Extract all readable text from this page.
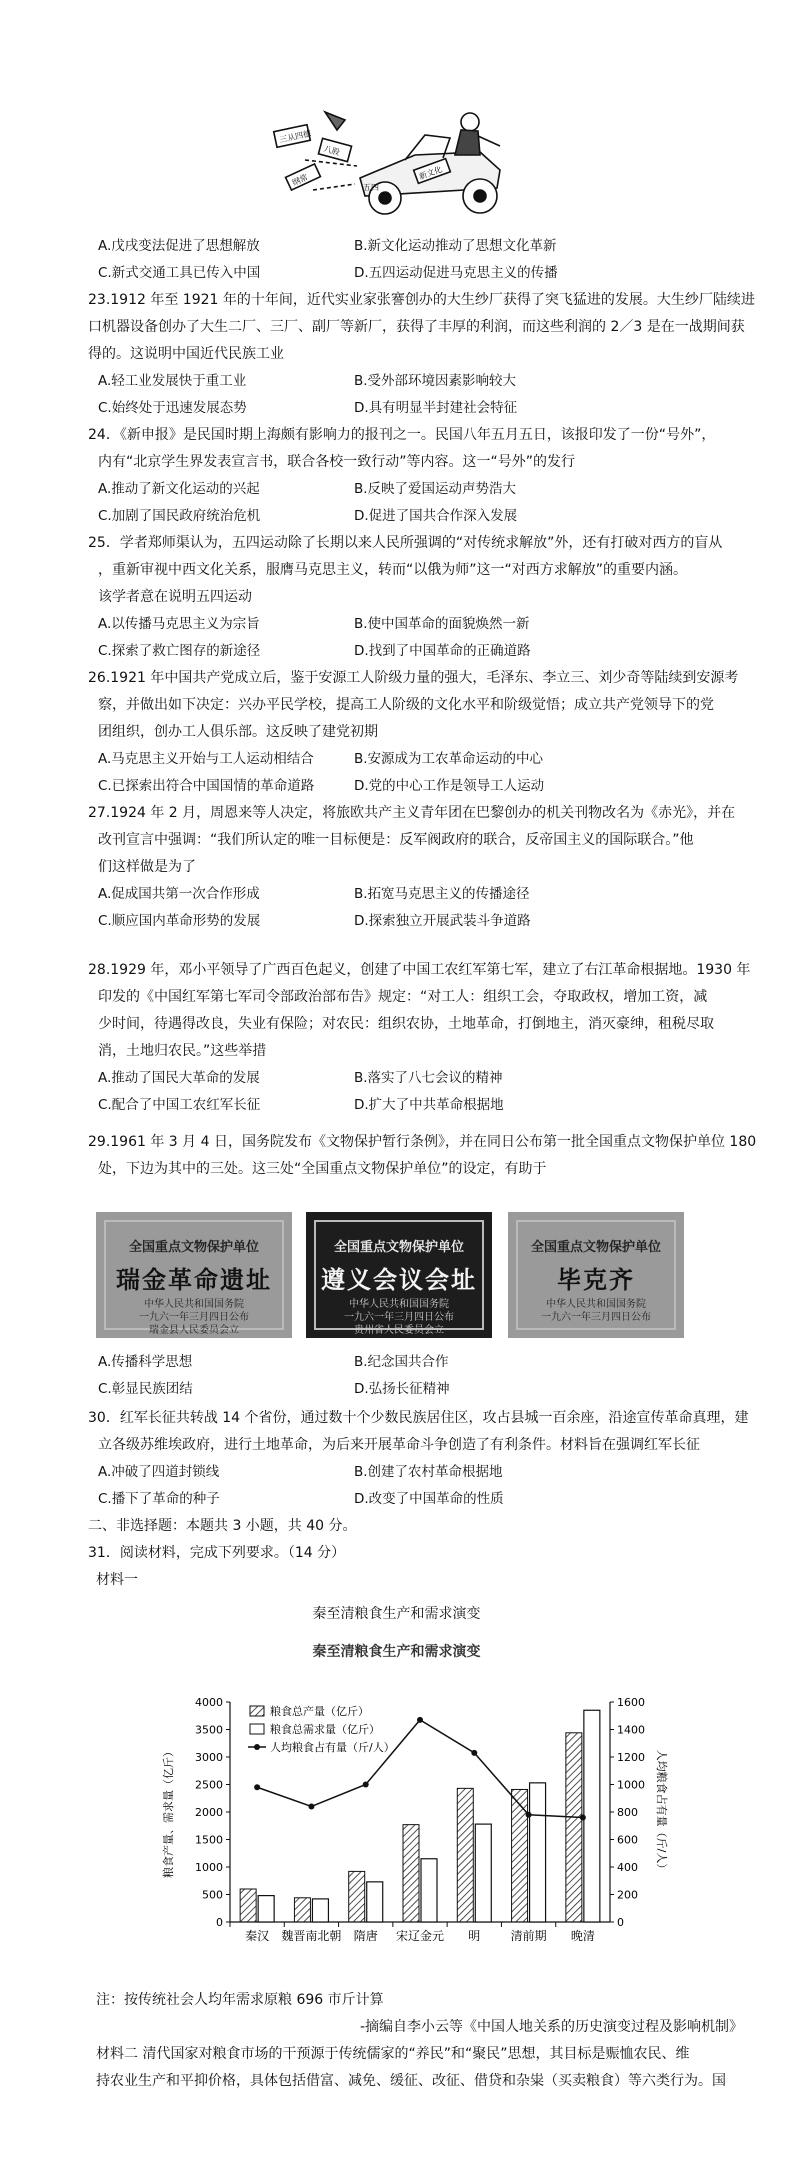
三从四德
八股
纲常	新文化
五四
A.戊戌变法促进了思想解放	B.新文化运动推动了思想文化革新
C.新式交通工具已传入中国	D.五四运动促进马克思主义的传播
23.1912 年至 1921 年的十年间，近代实业家张謇创办的大生纱厂获得了突飞猛进的发展。大生纱厂陆续进
口机器设备创办了大生二厂、三厂、副厂等新厂，获得了丰厚的利润，而这些利润的 2／3 是在一战期间获
得的。这说明中国近代民族工业
A.轻工业发展快于重工业	B.受外部环境因素影响较大
C.始终处于迅速发展态势	D.具有明显半封建社会特征
24．《新申报》是民国时期上海颇有影响力的报刊之一。民国八年五月五日，该报印发了一份“号外”，
内有“北京学生界发表宣言书，联合各校一致行动”等内容。这一“号外”的发行
A.推动了新文化运动的兴起	B.反映了爱国运动声势浩大
C.加剧了国民政府统治危机	D.促进了国共合作深入发展
25．学者郑师渠认为，五四运动除了长期以来人民所强调的“对传统求解放”外，还有打破对西方的盲从
，重新审视中西文化关系，服膺马克思主义，转而“以俄为师”这一“对西方求解放”的重要内涵。
该学者意在说明五四运动
A.以传播马克思主义为宗旨	B.使中国革命的面貌焕然一新
C.探索了救亡图存的新途径	D.找到了中国革命的正确道路
26.1921 年中国共产党成立后，鉴于安源工人阶级力量的强大，毛泽东、李立三、刘少奇等陆续到安源考
察，并做出如下决定：兴办平民学校，提高工人阶级的文化水平和阶级觉悟；成立共产党领导下的党
团组织，创办工人俱乐部。这反映了建党初期
A.马克思主义开始与工人运动相结合	B.安源成为工农革命运动的中心
C.已探索出符合中国国情的革命道路	D.党的中心工作是领导工人运动
27.1924 年 2 月，周恩来等人决定，将旅欧共产主义青年团在巴黎创办的机关刊物改名为《赤光》，并在
改刊宣言中强调：“我们所认定的唯一目标便是：反军阀政府的联合，反帝国主义的国际联合。”他
们这样做是为了
A.促成国共第一次合作形成	B.拓宽马克思主义的传播途径
C.顺应国内革命形势的发展	D.探索独立开展武装斗争道路
28.1929 年，邓小平领导了广西百色起义，创建了中国工农红军第七军，建立了右江革命根据地。1930 年
印发的《中国红军第七军司令部政治部布告》规定：“对工人：组织工会，夺取政权，增加工资，减
少时间，待遇得改良，失业有保险；对农民：组织农协，土地革命，打倒地主，消灭豪绅，租税尽取
消，土地归农民。”这些举措
A.推动了国民大革命的发展	B.落实了八七会议的精神
C.配合了中国工农红军长征	D.扩大了中共革命根据地
29.1961 年 3 月 4 日，国务院发布《文物保护暂行条例》，并在同日公布第一批全国重点文物保护单位 180
处，下边为其中的三处。这三处“全国重点文物保护单位”的设定，有助于
全国重点文物保护单位
瑞金革命遗址
中华人民共和国国务院
一九六一年三月四日公布
瑞金县人民委员会立
全国重点文物保护单位
遵义会议会址
中华人民共和国国务院
一九六一年三月四日公布
贵州省人民委员会立
全国重点文物保护单位
毕克齐
中华人民共和国国务院
一九六一年三月四日公布
A.传播科学思想	B.纪念国共合作
C.彰显民族团结	D.弘扬长征精神
30．红军长征共转战 14 个省份，通过数十个少数民族居住区，攻占县城一百余座，沿途宣传革命真理，建
立各级苏维埃政府，进行土地革命，为后来开展革命斗争创造了有利条件。材料旨在强调红军长征
A.冲破了四道封锁线	B.创建了农村革命根据地
C.播下了革命的种子	D.改变了中国革命的性质
二、非选择题：本题共 3 小题，共 40 分。
31．阅读材料，完成下列要求。（14 分）
材料一
秦至清粮食生产和需求演变
秦至清粮食生产和需求演变
0
500
1000
1500
2000
2500
3000
3500
4000
0
200
400
600
800
1000
1200
1400
1600
粮食产量、需求量（亿斤）	人均粮食占有量（斤/人）
秦汉 魏晋南北朝 隋唐 宋辽金元 明	清前期 晚清
粮食总产量（亿斤）
粮食总需求量（亿斤）
人均粮食占有量（斤/人）
注：按传统社会人均年需求原粮 696 市斤计算
-摘编自李小云等《中国人地关系的历史演变过程及影响机制》
材料二 清代国家对粮食市场的干预源于传统儒家的“养民”和“聚民”思想，其目标是赈恤农民、维
持农业生产和平抑价格，具体包括借富、减免、缓征、改征、借贷和杂粜（买卖粮食）等六类行为。国
